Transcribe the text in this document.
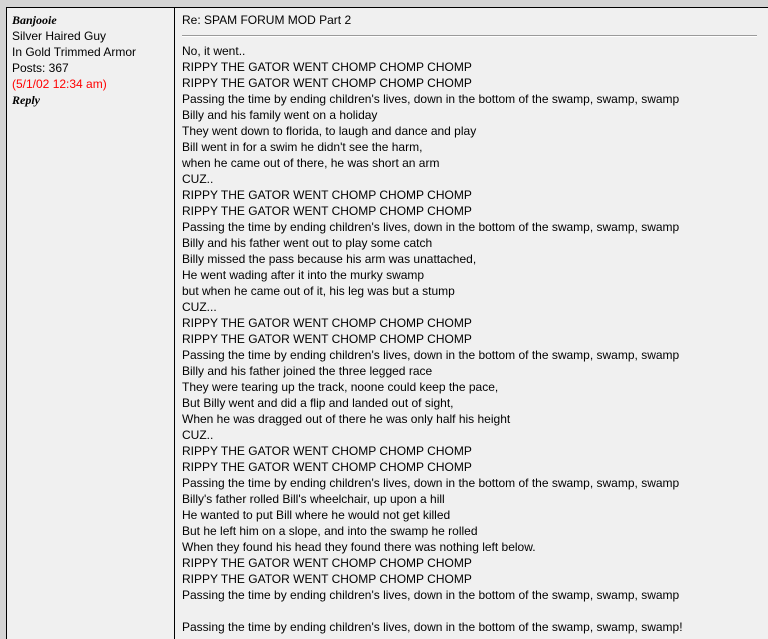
Banjooie
Silver Haired Guy
In Gold Trimmed Armor
Posts: 367
(5/1/02 12:34 am)
Reply
Re: SPAM FORUM MOD Part 2
No, it went..
RIPPY THE GATOR WENT CHOMP CHOMP CHOMP
RIPPY THE GATOR WENT CHOMP CHOMP CHOMP
Passing the time by ending children's lives, down in the bottom of the swamp, swamp, swamp
Billy and his family went on a holiday
They went down to florida, to laugh and dance and play
Bill went in for a swim he didn't see the harm,
when he came out of there, he was short an arm
CUZ..
RIPPY THE GATOR WENT CHOMP CHOMP CHOMP
RIPPY THE GATOR WENT CHOMP CHOMP CHOMP
Passing the time by ending children's lives, down in the bottom of the swamp, swamp, swamp
Billy and his father went out to play some catch
Billy missed the pass because his arm was unattached,
He went wading after it into the murky swamp
but when he came out of it, his leg was but a stump
CUZ...
RIPPY THE GATOR WENT CHOMP CHOMP CHOMP
RIPPY THE GATOR WENT CHOMP CHOMP CHOMP
Passing the time by ending children's lives, down in the bottom of the swamp, swamp, swamp
Billy and his father joined the three legged race
They were tearing up the track, noone could keep the pace,
But Billy went and did a flip and landed out of sight,
When he was dragged out of there he was only half his height
CUZ..
RIPPY THE GATOR WENT CHOMP CHOMP CHOMP
RIPPY THE GATOR WENT CHOMP CHOMP CHOMP
Passing the time by ending children's lives, down in the bottom of the swamp, swamp, swamp
Billy's father rolled Bill's wheelchair, up upon a hill
He wanted to put Bill where he would not get killed
But he left him on a slope, and into the swamp he rolled
When they found his head they found there was nothing left below.
RIPPY THE GATOR WENT CHOMP CHOMP CHOMP
RIPPY THE GATOR WENT CHOMP CHOMP CHOMP
Passing the time by ending children's lives, down in the bottom of the swamp, swamp, swamp
Passing the time by ending children's lives, down in the bottom of the swamp, swamp, swamp!
